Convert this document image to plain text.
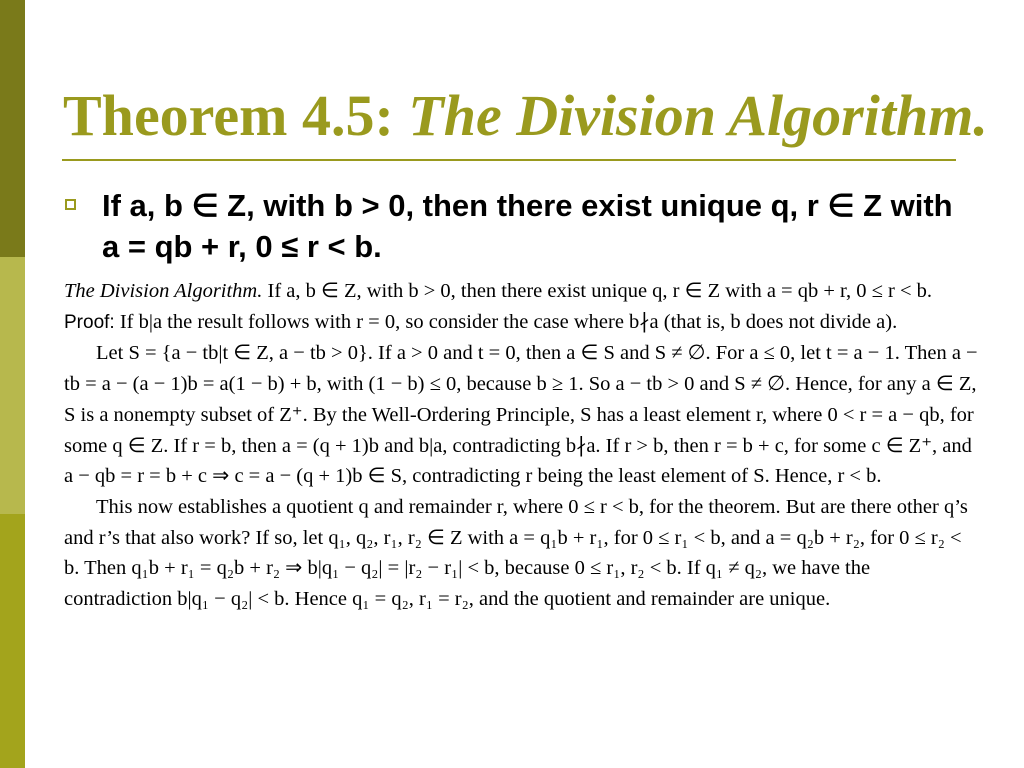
Theorem 4.5: The Division Algorithm.

If a, b ∈ Z, with b > 0, then there exist unique q, r ∈ Z with a = qb + r, 0 ≤ r < b.

The Division Algorithm. If a, b ∈ Z, with b > 0, then there exist unique q, r ∈ Z with a = qb + r, 0 ≤ r < b.

Proof: If b|a the result follows with r = 0, so consider the case where b∤a (that is, b does not divide a).

Let S = {a − tb|t ∈ Z, a − tb > 0}. If a > 0 and t = 0, then a ∈ S and S ≠ ∅. For a ≤ 0, let t = a − 1. Then a − tb = a − (a − 1)b = a(1 − b) + b, with (1 − b) ≤ 0, because b ≥ 1. So a − tb > 0 and S ≠ ∅. Hence, for any a ∈ Z, S is a nonempty subset of Z⁺. By the Well-Ordering Principle, S has a least element r, where 0 < r = a − qb, for some q ∈ Z. If r = b, then a = (q + 1)b and b|a, contradicting b∤a. If r > b, then r = b + c, for some c ∈ Z⁺, and a − qb = r = b + c ⇒ c = a − (q + 1)b ∈ S, contradicting r being the least element of S. Hence, r < b.

This now establishes a quotient q and remainder r, where 0 ≤ r < b, for the theorem. But are there other q’s and r’s that also work? If so, let q₁, q₂, r₁, r₂ ∈ Z with a = q₁b + r₁, for 0 ≤ r₁ < b, and a = q₂b + r₂, for 0 ≤ r₂ < b. Then q₁b + r₁ = q₂b + r₂ ⇒ b|q₁ − q₂| = |r₂ − r₁| < b, because 0 ≤ r₁, r₂ < b. If q₁ ≠ q₂, we have the contradiction b|q₁ − q₂| < b. Hence q₁ = q₂, r₁ = r₂, and the quotient and remainder are unique.
